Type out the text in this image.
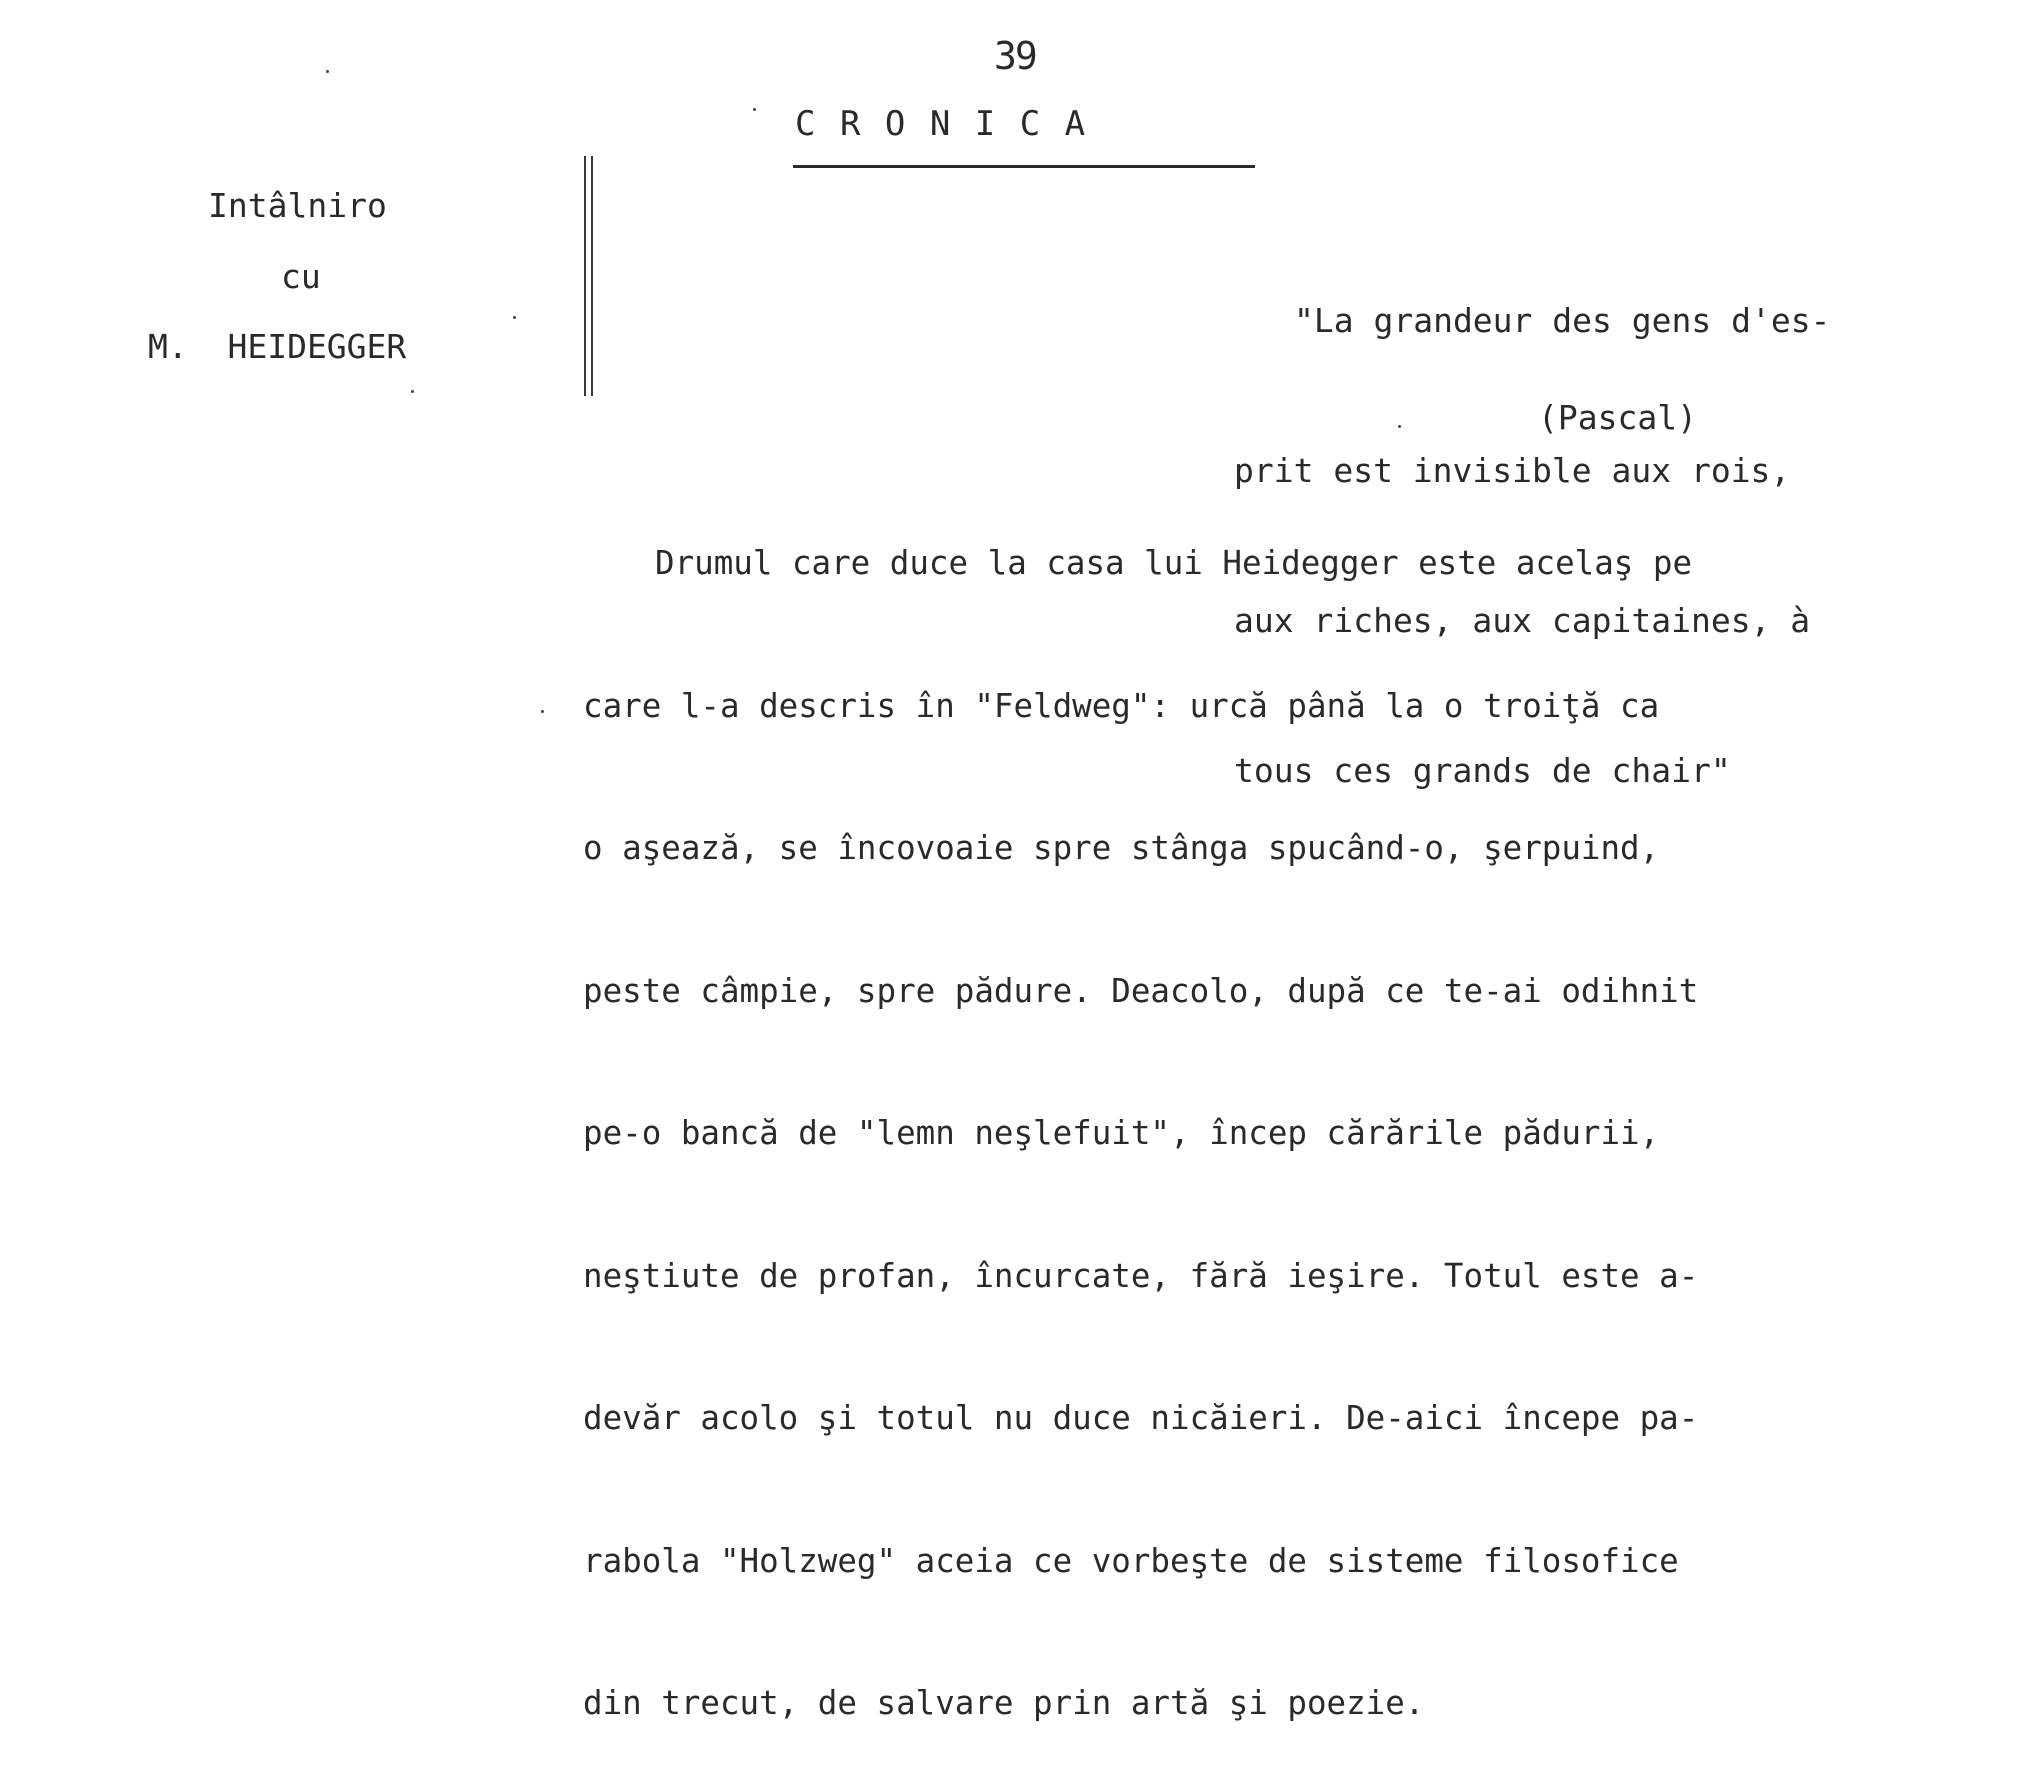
39
C R O N I C A
Intâlniro
cu
M.  HEIDEGGER

"La grandeur des gens d'es-

prit est invisible aux rois,

aux riches, aux capitaines, à

tous ces grands de chair"

(Pascal)

Drumul care duce la casa lui Heidegger este acelaş pe

care l-a descris în "Feldweg": urcă până la o troiţă ca

o aşează, se încovoaie spre stânga spucând-o, şerpuind,

peste câmpie, spre pădure. Deacolo, după ce te-ai odihnit

pe-o bancă de "lemn neşlefuit", încep cărările pădurii,

neştiute de profan, încurcate, fără ieşire. Totul este a-

devăr acolo şi totul nu duce nicăieri. De-aici începe pa-

rabola "Holzweg" aceia ce vorbeşte de sisteme filosofice

din trecut, de salvare prin artă şi poezie.
